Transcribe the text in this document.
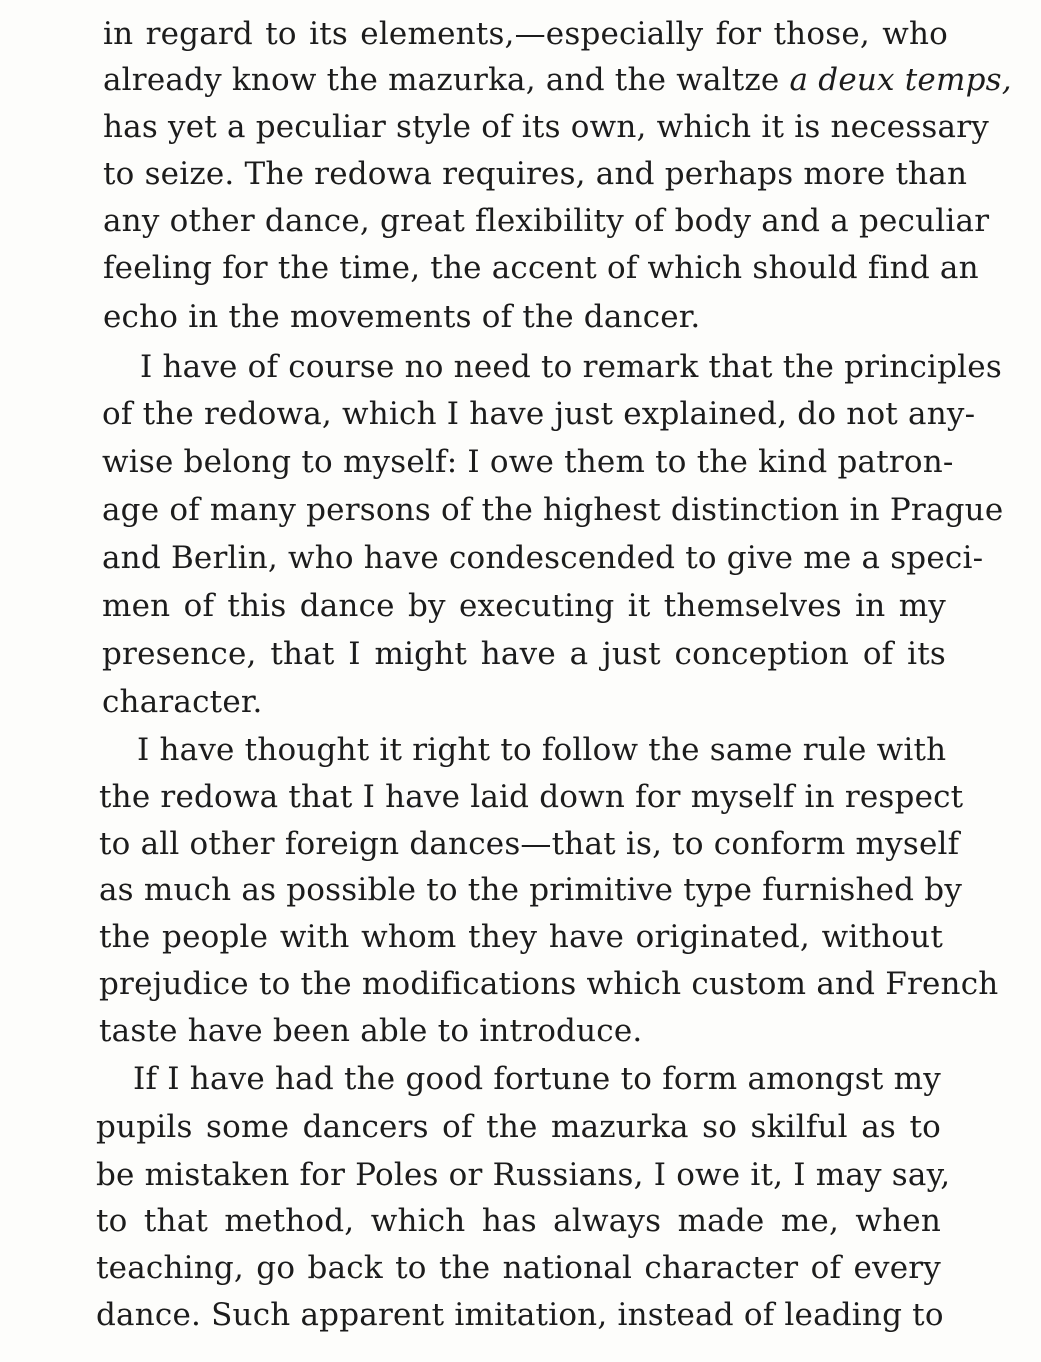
in regard to its elements,—especially for those, who
already know the mazurka, and the waltze a deux temps,
has yet a peculiar style of its own, which it is necessary
to seize. The redowa requires, and perhaps more than
any other dance, great flexibility of body and a peculiar
feeling for the time, the accent of which should find an
echo in the movements of the dancer.
I have of course no need to remark that the principles
of the redowa, which I have just explained, do not any-
wise belong to myself: I owe them to the kind patron-
age of many persons of the highest distinction in Prague
and Berlin, who have condescended to give me a speci-
men of this dance by executing it themselves in my
presence, that I might have a just conception of its
character.
I have thought it right to follow the same rule with
the redowa that I have laid down for myself in respect
to all other foreign dances—that is, to conform myself
as much as possible to the primitive type furnished by
the people with whom they have originated, without
prejudice to the modifications which custom and French
taste have been able to introduce.
If I have had the good fortune to form amongst my
pupils some dancers of the mazurka so skilful as to
be mistaken for Poles or Russians, I owe it, I may say,
to that method, which has always made me, when
teaching, go back to the national character of every
dance. Such apparent imitation, instead of leading to
